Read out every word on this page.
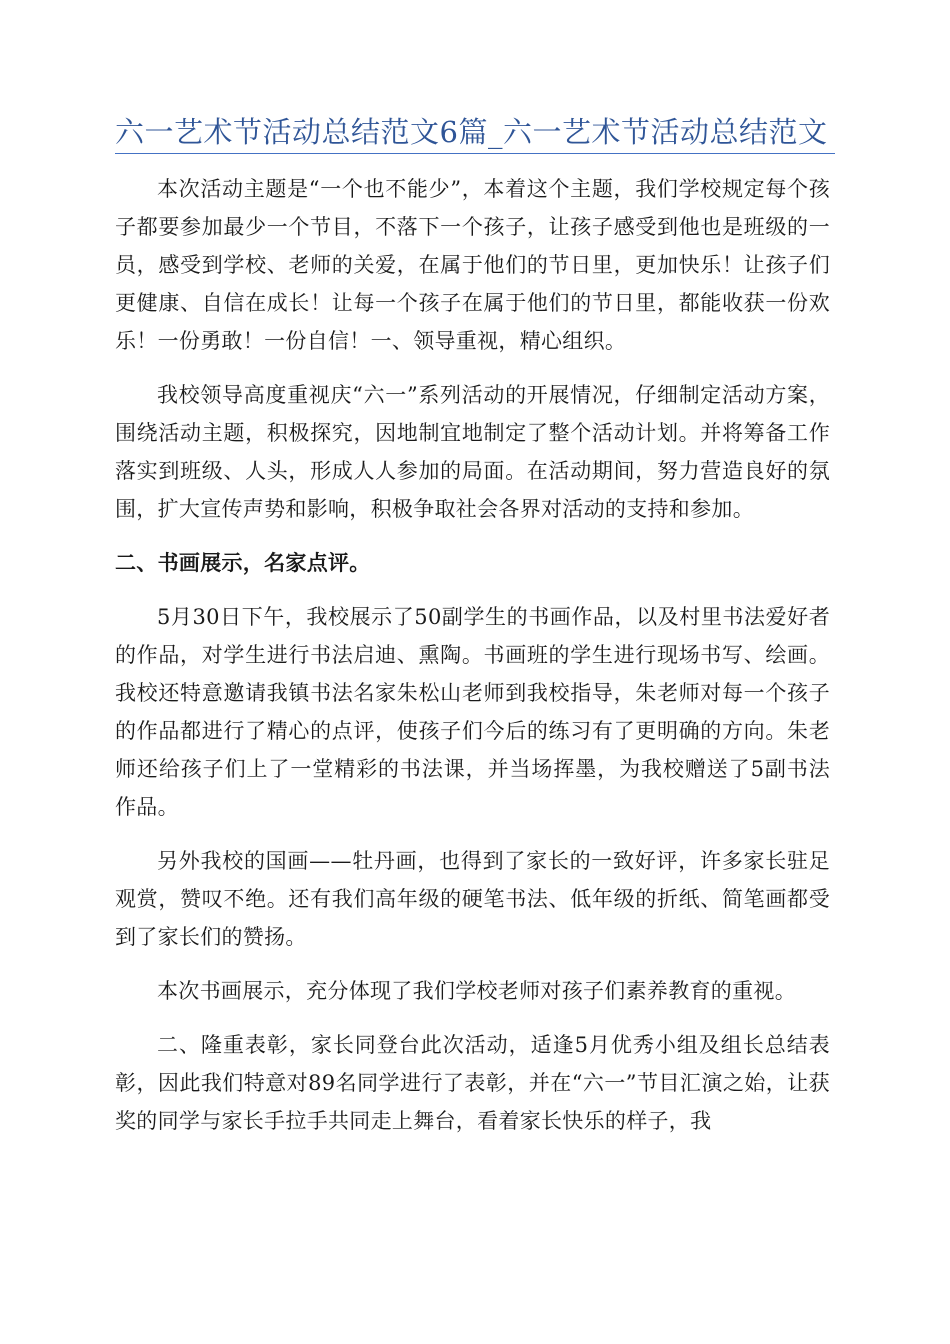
六一艺术节活动总结范文6篇_六一艺术节活动总结范文

本次活动主题是“一个也不能少”，本着这个主题，我们学校规定每个孩子都要参加最少一个节目，不落下一个孩子，让孩子感受到他也是班级的一员，感受到学校、老师的关爱，在属于他们的节日里，更加快乐！让孩子们更健康、自信在成长！让每一个孩子在属于他们的节日里，都能收获一份欢乐！一份勇敢！一份自信！一、领导重视，精心组织。

我校领导高度重视庆“六一”系列活动的开展情况，仔细制定活动方案，围绕活动主题，积极探究，因地制宜地制定了整个活动计划。并将筹备工作落实到班级、人头，形成人人参加的局面。在活动期间，努力营造良好的氛围，扩大宣传声势和影响，积极争取社会各界对活动的支持和参加。

二、书画展示，名家点评。

5月30日下午，我校展示了50副学生的书画作品，以及村里书法爱好者的作品，对学生进行书法启迪、熏陶。书画班的学生进行现场书写、绘画。我校还特意邀请我镇书法名家朱松山老师到我校指导，朱老师对每一个孩子的作品都进行了精心的点评，使孩子们今后的练习有了更明确的方向。朱老师还给孩子们上了一堂精彩的书法课，并当场挥墨，为我校赠送了5副书法作品。

另外我校的国画——牡丹画，也得到了家长的一致好评，许多家长驻足观赏，赞叹不绝。还有我们高年级的硬笔书法、低年级的折纸、简笔画都受到了家长们的赞扬。

本次书画展示，充分体现了我们学校老师对孩子们素养教育的重视。

二、隆重表彰，家长同登台此次活动，适逢5月优秀小组及组长总结表彰，因此我们特意对89名同学进行了表彰，并在“六一”节目汇演之始，让获奖的同学与家长手拉手共同走上舞台，看着家长快乐的样子，我
